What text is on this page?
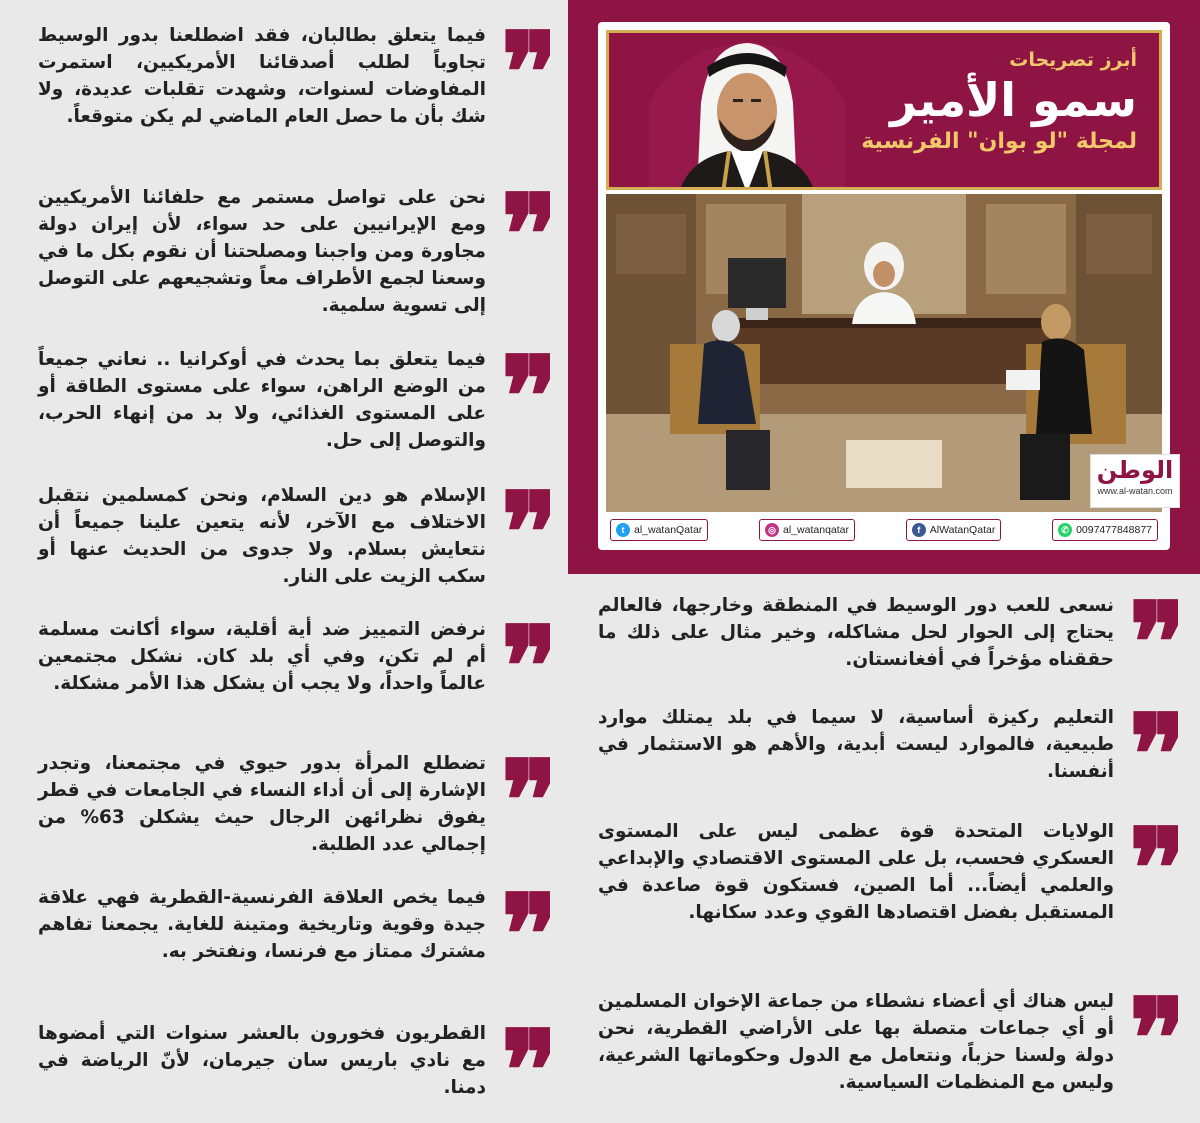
❞

فيما يتعلق بطالبان، فقد اضطلعنا بدور الوسيط تجاوباً لطلب أصدقائنا الأمريكيين، استمرت المفاوضات لسنوات، وشهدت تقلبات عديدة، ولا شك بأن ما حصل العام الماضي لم يكن متوقعاً.

❞

نحن على تواصل مستمر مع حلفائنا الأمريكيين ومع الإيرانيين على حد سواء، لأن إيران دولة مجاورة ومن واجبنا ومصلحتنا أن نقوم بكل ما في وسعنا لجمع الأطراف معاً وتشجيعهم على التوصل إلى تسوية سلمية.

❞

فيما يتعلق بما يحدث في أوكرانيا .. نعاني جميعاً من الوضع الراهن، سواء على مستوى الطاقة أو على المستوى الغذائي، ولا بد من إنهاء الحرب، والتوصل إلى حل.

❞

الإسلام هو دين السلام، ونحن كمسلمين نتقبل الاختلاف مع الآخر، لأنه يتعين علينا جميعاً أن نتعايش بسلام. ولا جدوى من الحديث عنها أو سكب الزيت على النار.

❞

نرفض التمييز ضد أية أقلية، سواء أكانت مسلمة أم لم تكن، وفي أي بلد كان. نشكل مجتمعين عالماً واحداً، ولا يجب أن يشكل هذا الأمر مشكلة.

❞

تضطلع المرأة بدور حيوي في مجتمعنا، وتجدر الإشارة إلى أن أداء النساء في الجامعات في قطر يفوق نظرائهن الرجال حيث يشكلن 63% من إجمالي عدد الطلبة.

❞

فيما يخص العلاقة الفرنسية-القطرية فهي علاقة جيدة وقوية وتاريخية ومتينة للغاية. يجمعنا تفاهم مشترك ممتاز مع فرنسا، ونفتخر به.

❞

القطريون فخورون بالعشر سنوات التي أمضوها مع نادي باريس سان جيرمان، لأنّ الرياضة في دمنا.

أبرز تصريحات
سمو الأمير
لمجلة "لو بوان" الفرنسية
الوطن
www.al-watan.com
t al_watanQatar	◎ al_watanqatar	f AlWatanQatar	✆ 0097477848877
❞

نسعى للعب دور الوسيط في المنطقة وخارجها، فالعالم يحتاج إلى الحوار لحل مشاكله، وخير مثال على ذلك ما حققناه مؤخراً في أفغانستان.

❞

التعليم ركيزة أساسية، لا سيما في بلد يمتلك موارد طبيعية، فالموارد ليست أبدية، والأهم هو الاستثمار في أنفسنا.

❞

الولايات المتحدة قوة عظمى ليس على المستوى العسكري فحسب، بل على المستوى الاقتصادي والإبداعي والعلمي أيضاً... أما الصين، فستكون قوة صاعدة في المستقبل بفضل اقتصادها القوي وعدد سكانها.

❞

ليس هناك أي أعضاء نشطاء من جماعة الإخوان المسلمين أو أي جماعات متصلة بها على الأراضي القطرية، نحن دولة ولسنا حزباً، ونتعامل مع الدول وحكوماتها الشرعية، وليس مع المنظمات السياسية.
